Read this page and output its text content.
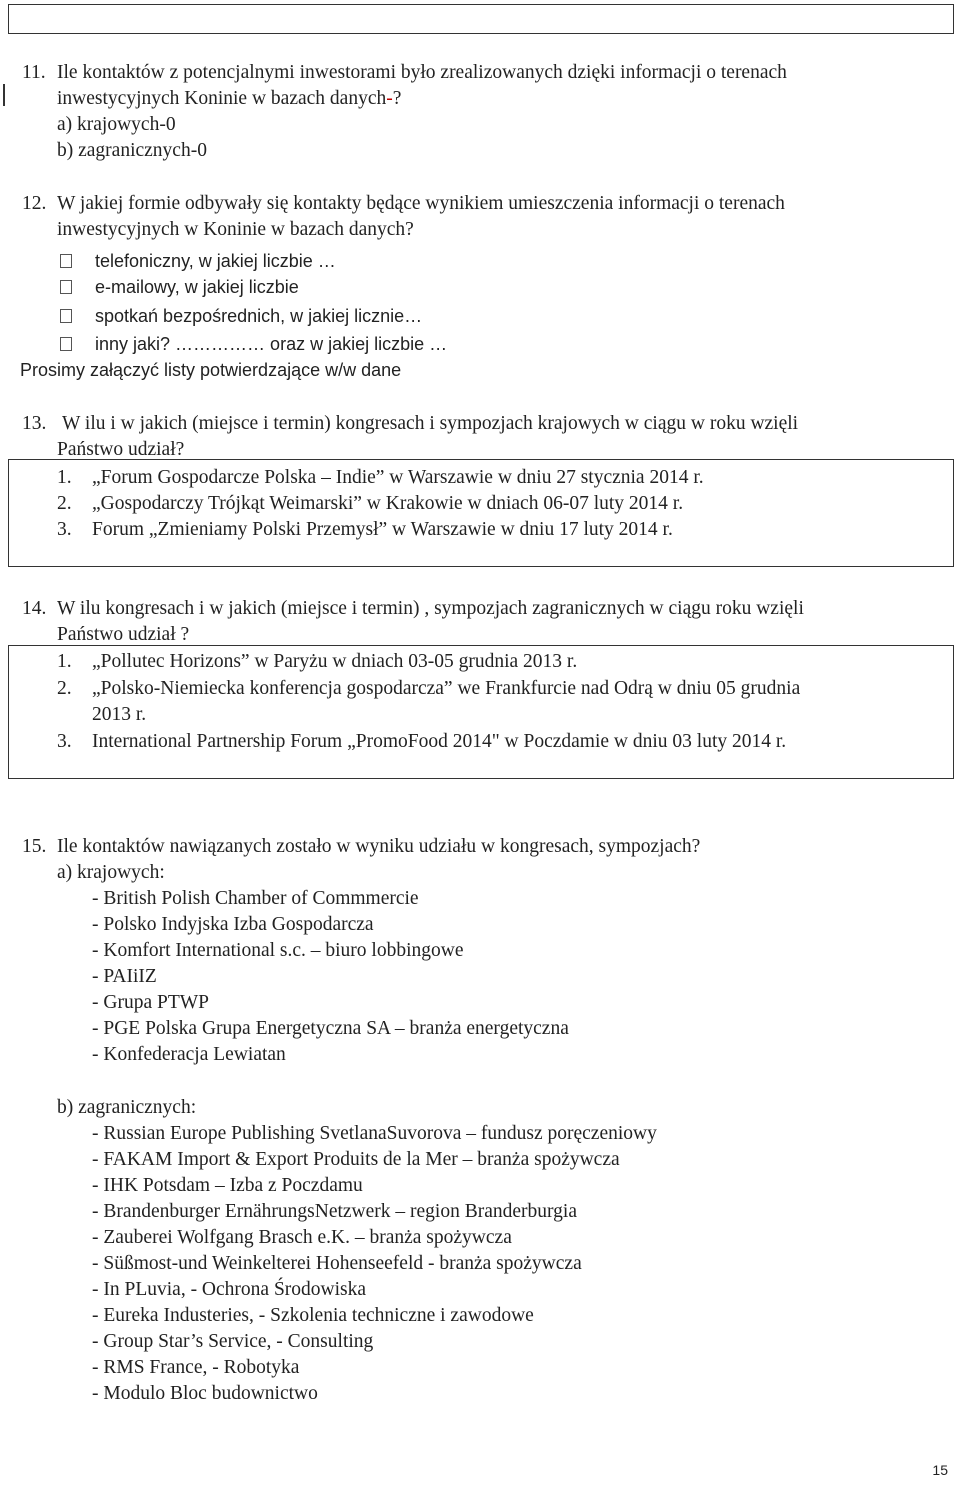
11. Ile kontaktów z potencjalnymi inwestorami było zrealizowanych dzięki informacji o terenach
inwestycyjnych Koninie w bazach danych-?
a) krajowych-0
b) zagranicznych-0
12. W jakiej formie odbywały się kontakty będące wynikiem umieszczenia informacji o terenach
inwestycyjnych w Koninie w bazach danych?
telefoniczny, w jakiej liczbie …
e-mailowy, w jakiej liczbie
spotkań bezpośrednich, w jakiej licznie…
inny jaki? …………… oraz w jakiej liczbie …
Prosimy załączyć listy potwierdzające w/w dane
13. W ilu i w jakich (miejsce i termin) kongresach i sympozjach krajowych w ciągu w roku wzięli
Państwo udział?
1. „Forum Gospodarcze Polska – Indie” w Warszawie w dniu 27 stycznia 2014 r.
2. „Gospodarczy Trójkąt Weimarski” w Krakowie w dniach 06-07 luty 2014 r.
3. Forum „Zmieniamy Polski Przemysł” w Warszawie w dniu 17 luty 2014 r.
14. W ilu kongresach i w jakich (miejsce i termin) , sympozjach zagranicznych w ciągu roku wzięli
Państwo udział ?
1. „Pollutec Horizons” w Paryżu w dniach 03-05 grudnia 2013 r.
2. „Polsko-Niemiecka konferencja gospodarcza” we Frankfurcie nad Odrą w dniu 05 grudnia
2013 r.
3. International Partnership Forum „PromoFood 2014" w Poczdamie w dniu 03 luty 2014 r.
15. Ile kontaktów nawiązanych zostało w wyniku udziału w kongresach, sympozjach?
a) krajowych:
- British Polish Chamber of Commmercie
- Polsko Indyjska Izba Gospodarcza
- Komfort International s.c. – biuro lobbingowe
- PAIiIZ
- Grupa PTWP
- PGE Polska Grupa Energetyczna SA – branża energetyczna
- Konfederacja Lewiatan
b) zagranicznych:
- Russian Europe Publishing SvetlanaSuvorova – fundusz poręczeniowy
- FAKAM Import & Export Produits de la Mer – branża spożywcza
- IHK Potsdam – Izba z Poczdamu
- Brandenburger ErnährungsNetzwerk – region Branderburgia
- Zauberei Wolfgang Brasch e.K. – branża spożywcza
- Süßmost-und Weinkelterei Hohenseefeld - branża spożywcza
- In PLuvia, - Ochrona Środowiska
- Eureka Industeries, - Szkolenia techniczne i zawodowe
- Group Star’s Service, - Consulting
- RMS France, - Robotyka
- Modulo Bloc budownictwo
15
